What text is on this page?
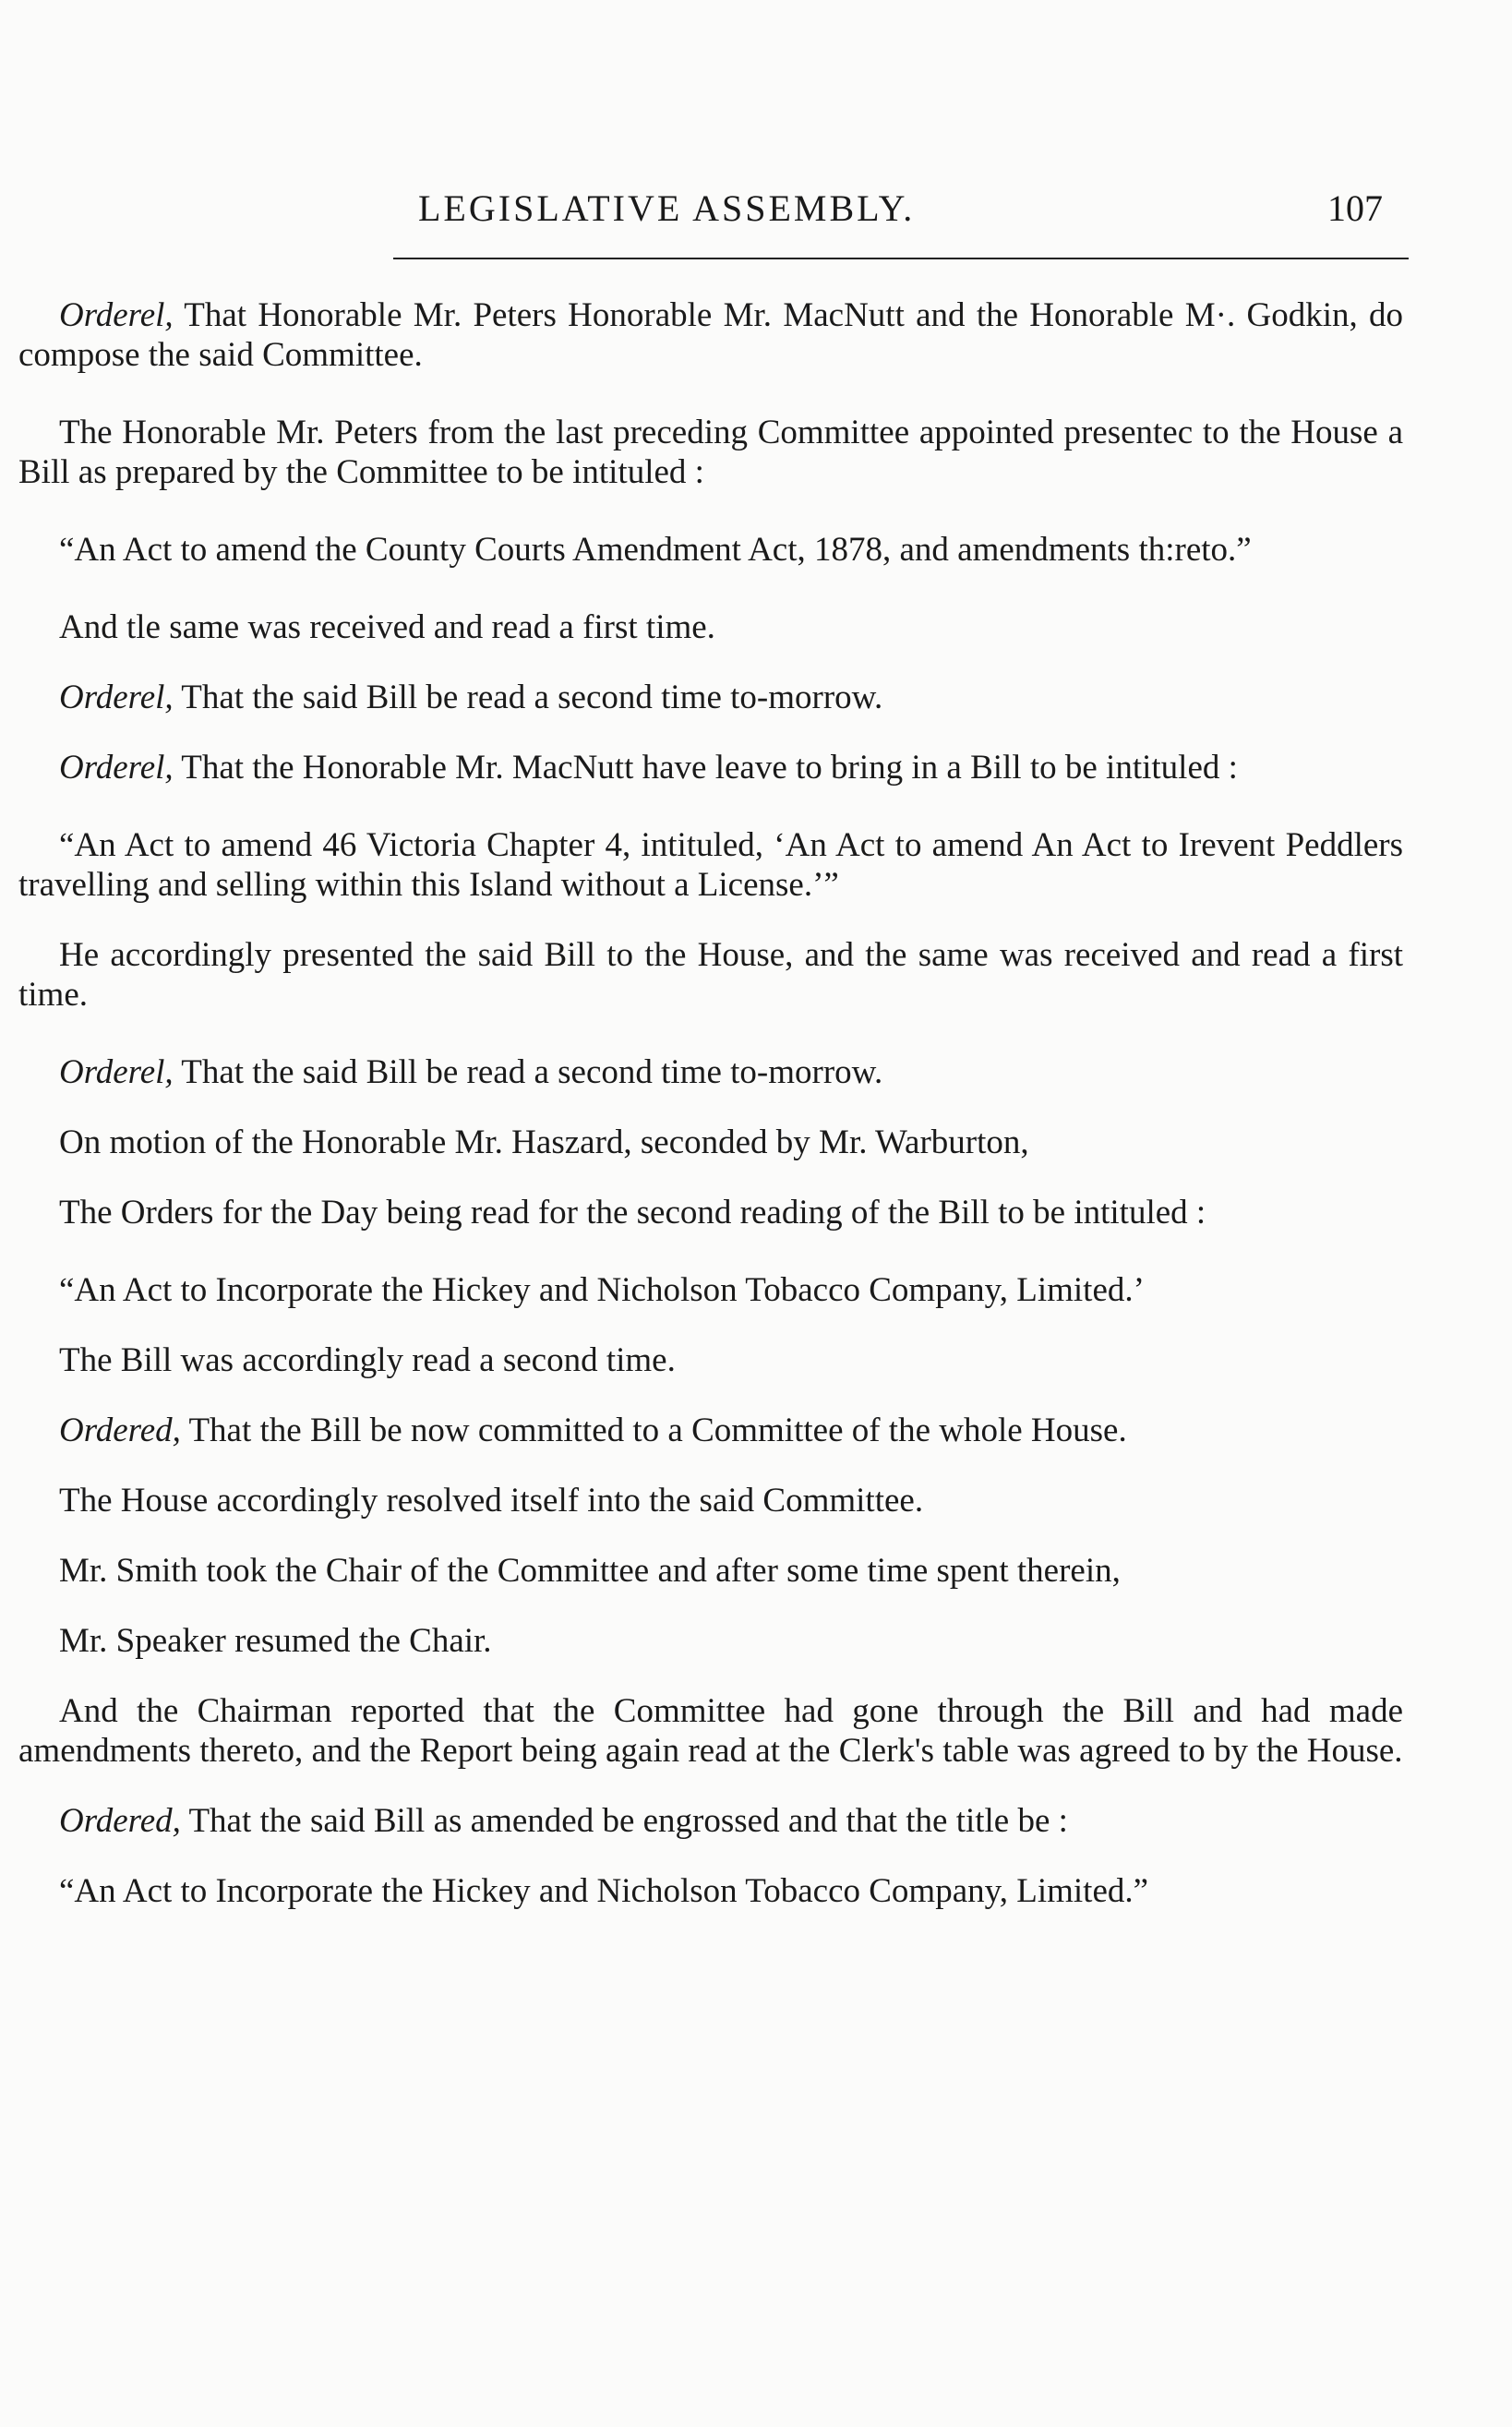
LEGISLATIVE ASSEMBLY.	107

Orderel, That Honorable Mr. Peters Honorable Mr. MacNutt and the Honorable M·. Godkin, do compose the said Committee.

The Honorable Mr. Peters from the last preceding Committee appointed presentec to the House a Bill as prepared by the Committee to be intituled :

“An Act to amend the County Courts Amendment Act, 1878, and amendments th:reto.”

And tle same was received and read a first time.

Orderel, That the said Bill be read a second time to-morrow.

Orderel, That the Honorable Mr. MacNutt have leave to bring in a Bill to be intituled :

“An Act to amend 46 Victoria Chapter 4, intituled, ‘An Act to amend An Act to Irevent Peddlers travelling and selling within this Island without a License.’”

He accordingly presented the said Bill to the House, and the same was received and read a first time.

Orderel, That the said Bill be read a second time to-morrow.

On motion of the Honorable Mr. Haszard, seconded by Mr. Warburton,

The Orders for the Day being read for the second reading of the Bill to be intituled :

“An Act to Incorporate the Hickey and Nicholson Tobacco Company, Limited.’

The Bill was accordingly read a second time.

Ordered, That the Bill be now committed to a Committee of the whole House.

The House accordingly resolved itself into the said Committee.

Mr. Smith took the Chair of the Committee and after some time spent therein,

Mr. Speaker resumed the Chair.

And the Chairman reported that the Committee had gone through the Bill and had made amendments thereto, and the Report being again read at the Clerk's table was agreed to by the House.

Ordered, That the said Bill as amended be engrossed and that the title be :

“An Act to Incorporate the Hickey and Nicholson Tobacco Company, Limited.”
